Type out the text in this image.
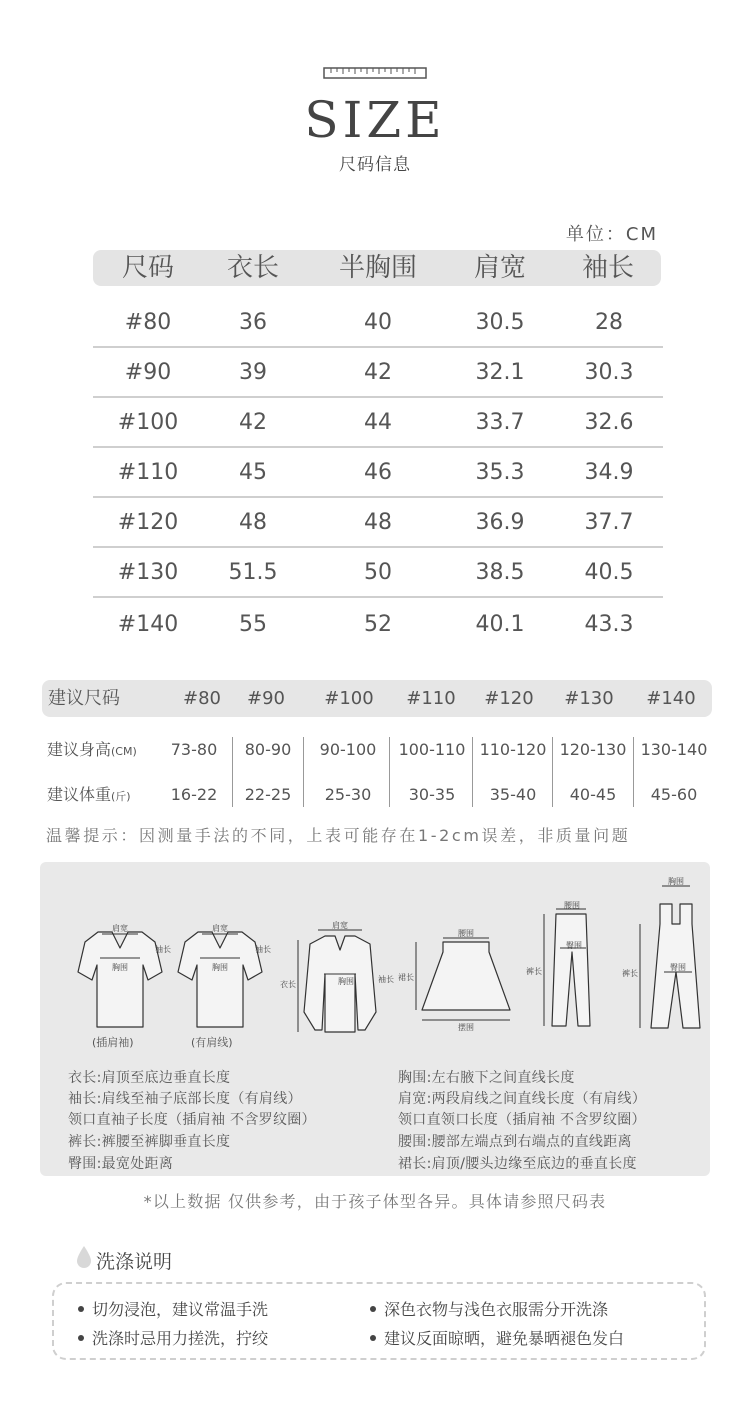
SIZE
尺码信息
单位：CM
尺码	衣长	半胸围	肩宽	袖长
#80	36	40	30.5	28
#90	39	42	32.1	30.3
#100	42	44	33.7	32.6
#110	45	46	35.3	34.9
#120	48	48	36.9	37.7
#130	51.5	50	38.5	40.5
#140	55	52	40.1	43.3
建议尺码	#80	#90	#100	#110	#120	#130	#140
建议身高(CM)	73-80	80-90	90-100	100-110 110-120 120-130 130-140
建议体重(斤)	16-22	22-25	25-30	30-35	35-40	40-45	45-60
温馨提示：因测量手法的不同，上表可能存在1-2cm误差，非质量问题
肩宽
袖长
胸围
肩宽
袖长
胸围
肩宽
胸围
衣长
袖长
腰围
裙长
摆围
腰围
臀围
裤长
胸围
臀围
裤长
(插肩袖)	(有肩线)
衣长:肩顶至底边垂直长度
袖长:肩线至袖子底部长度（有肩线）
领口直袖子长度（插肩袖 不含罗纹圈）
裤长:裤腰至裤脚垂直长度
臀围:最宽处距离
胸围:左右腋下之间直线长度
肩宽:两段肩线之间直线长度（有肩线）
领口直领口长度（插肩袖 不含罗纹圈）
腰围:腰部左端点到右端点的直线距离
裙长:肩顶/腰头边缘至底边的垂直长度
*以上数据 仅供参考，由于孩子体型各异。具体请参照尺码表
洗涤说明
切勿浸泡，建议常温手洗	深色衣物与浅色衣服需分开洗涤
洗涤时忌用力搓洗，拧绞	建议反面晾晒，避免暴晒褪色发白
